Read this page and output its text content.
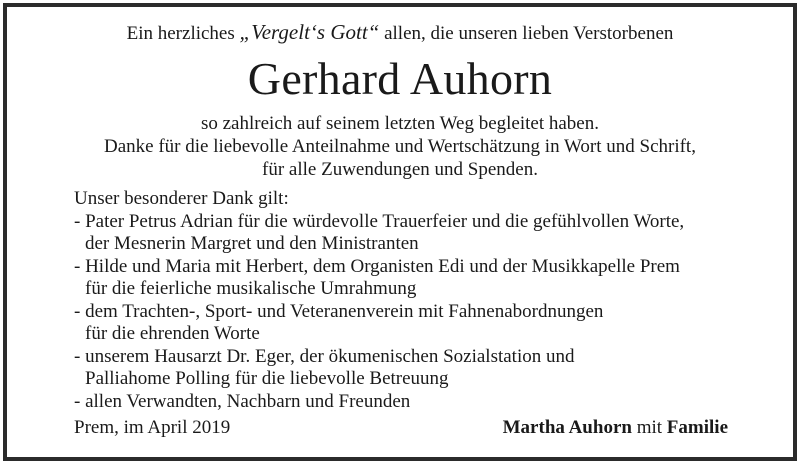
Ein herzliches „Vergelt‘s Gott“ allen, die unseren lieben Verstorbenen
Gerhard Auhorn
so zahlreich auf seinem letzten Weg begleitet haben.
Danke für die liebevolle Anteilnahme und Wertschätzung in Wort und Schrift,
für alle Zuwendungen und Spenden.
Unser besonderer Dank gilt:
- Pater Petrus Adrian für die würdevolle Trauerfeier und die gefühlvollen Worte,
der Mesnerin Margret und den Ministranten
- Hilde und Maria mit Herbert, dem Organisten Edi und der Musikkapelle Prem
für die feierliche musikalische Umrahmung
- dem Trachten-, Sport- und Veteranenverein mit Fahnenabordnungen
für die ehrenden Worte
- unserem Hausarzt Dr. Eger, der ökumenischen Sozialstation und
Palliahome Polling für die liebevolle Betreuung
- allen Verwandten, Nachbarn und Freunden
Prem, im April 2019	Martha Auhorn mit Familie
